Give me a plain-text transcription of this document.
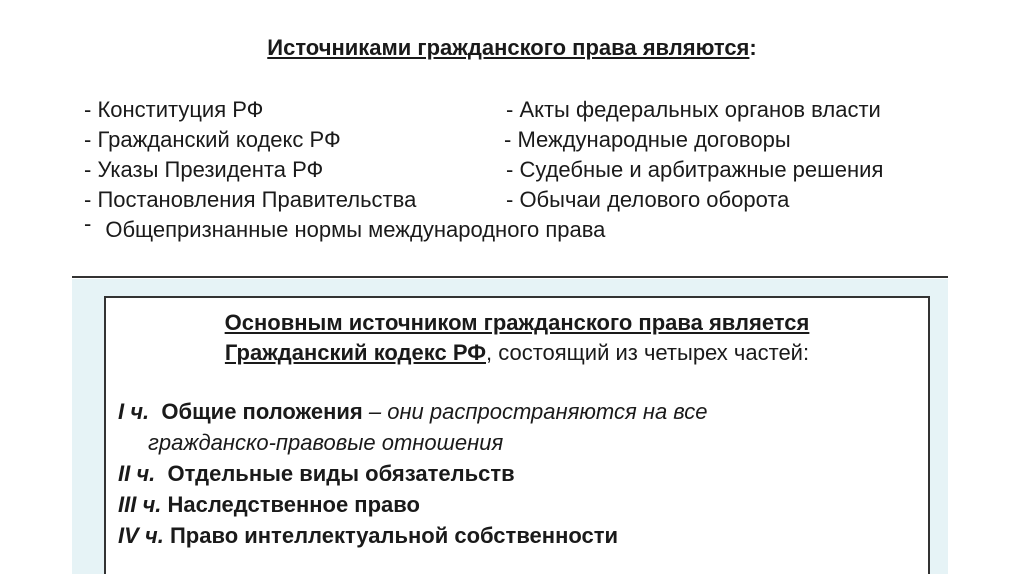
Источниками гражданского права являются:
- Конституция РФ	- Акты федеральных органов власти
- Гражданский кодекс РФ	- Международные договоры
- Указы Президента РФ	- Судебные и арбитражные решения
- Постановления Правительства	- Обычаи делового оборота
- Общепризнанные нормы международного права
Основным источником гражданского права является
Гражданский кодекс РФ, состоящий из четырех частей:
I ч. Общие положения – они распространяются на все
гражданско-правовые отношения
II ч. Отдельные виды обязательств
III ч. Наследственное право
IV ч. Право интеллектуальной собственности
